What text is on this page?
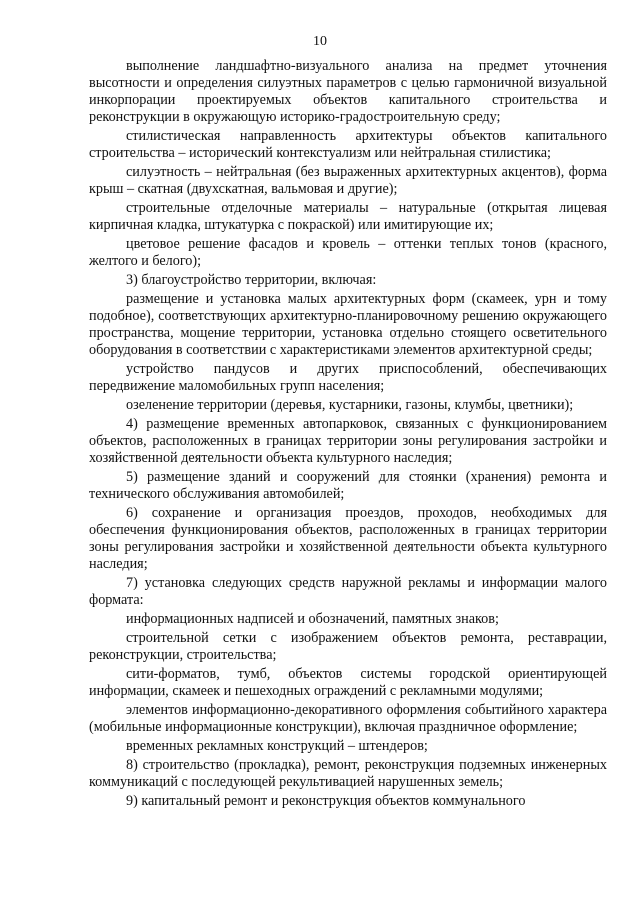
10

выполнение ландшафтно-визуального анализа на предмет уточнения высотности и определения силуэтных параметров с целью гармоничной визуальной инкорпорации проектируемых объектов капитального строительства и реконструкции в окружающую историко-градостроительную среду;

стилистическая направленность архитектуры объектов капитального строительства – исторический контекстуализм или нейтральная стилистика;

силуэтность – нейтральная (без выраженных архитектурных акцентов), форма крыш – скатная (двухскатная, вальмовая и другие);

строительные отделочные материалы – натуральные (открытая лицевая кирпичная кладка, штукатурка с покраской) или имитирующие их;

цветовое решение фасадов и кровель – оттенки теплых тонов (красного, желтого и белого);

3) благоустройство территории, включая:

размещение и установка малых архитектурных форм (скамеек, урн и тому подобное), соответствующих архитектурно-планировочному решению окружающего пространства, мощение территории, установка отдельно стоящего осветительного оборудования в соответствии с характеристиками элементов архитектурной среды;

устройство пандусов и других приспособлений, обеспечивающих передвижение маломобильных групп населения;

озеленение территории (деревья, кустарники, газоны, клумбы, цветники);

4) размещение временных автопарковок, связанных с функционированием объектов, расположенных в границах территории зоны регулирования застройки и хозяйственной деятельности объекта культурного наследия;

5) размещение зданий и сооружений для стоянки (хранения) ремонта и технического обслуживания автомобилей;

6) сохранение и организация проездов, проходов, необходимых для обеспечения функционирования объектов, расположенных в границах территории зоны регулирования застройки и хозяйственной деятельности объекта культурного наследия;

7) установка следующих средств наружной рекламы и информации малого формата:

информационных надписей и обозначений, памятных знаков;

строительной сетки с изображением объектов ремонта, реставрации, реконструкции, строительства;

сити-форматов, тумб, объектов системы городской ориентирующей информации, скамеек и пешеходных ограждений с рекламными модулями;

элементов информационно-декоративного оформления событийного характера (мобильные информационные конструкции), включая праздничное оформление;

временных рекламных конструкций – штендеров;

8) строительство (прокладка), ремонт, реконструкция подземных инженерных коммуникаций с последующей рекультивацией нарушенных земель;

9) капитальный ремонт и реконструкция объектов коммунального
